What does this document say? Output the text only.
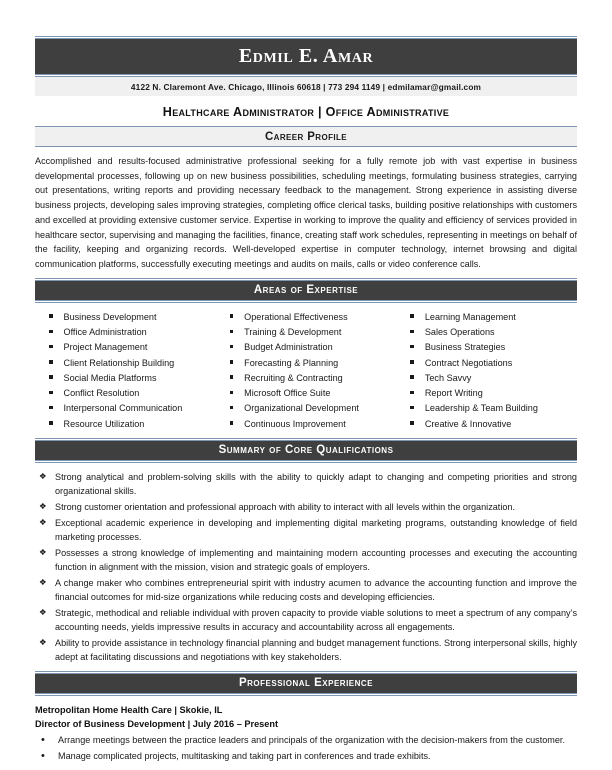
Edmil E. Amar
4122 N. Claremont Ave. Chicago, Illinois 60618 | 773 294 1149 | edmilamar@gmail.com
Healthcare Administrator | Office Administrative
Career Profile
Accomplished and results-focused administrative professional seeking for a fully remote job with vast expertise in business developmental processes, following up on new business possibilities, scheduling meetings, formulating business strategies, carrying out presentations, writing reports and providing necessary feedback to the management. Strong experience in assisting diverse business projects, developing sales improving strategies, completing office clerical tasks, building positive relationships with customers and excelled at providing extensive customer service. Expertise in working to improve the quality and efficiency of services provided in healthcare sector, supervising and managing the facilities, finance, creating staff work schedules, representing in meetings on behalf of the facility, keeping and organizing records. Well-developed expertise in computer technology, internet browsing and digital communication platforms, successfully executing meetings and audits on mails, calls or video conference calls.
Areas of Expertise
Business Development	Operational Effectiveness	Learning Management
Office Administration	Training & Development	Sales Operations
Project Management	Budget Administration	Business Strategies
Client Relationship Building	Forecasting & Planning	Contract Negotiations
Social Media Platforms	Recruiting & Contracting	Tech Savvy
Conflict Resolution	Microsoft Office Suite	Report Writing
Interpersonal Communication	Organizational Development	Leadership & Team Building
Resource Utilization	Continuous Improvement	Creative & Innovative
Summary of Core Qualifications
❖ Strong analytical and problem-solving skills with the ability to quickly adapt to changing and competing priorities and strong organizational skills.
❖ Strong customer orientation and professional approach with ability to interact with all levels within the organization.
❖ Exceptional academic experience in developing and implementing digital marketing programs, outstanding knowledge of field marketing processes.
❖ Possesses a strong knowledge of implementing and maintaining modern accounting processes and executing the accounting function in alignment with the mission, vision and strategic goals of employers.
❖ A change maker who combines entrepreneurial spirit with industry acumen to advance the accounting function and improve the financial outcomes for mid-size organizations while reducing costs and developing efficiencies.
❖ Strategic, methodical and reliable individual with proven capacity to provide viable solutions to meet a spectrum of any company’s accounting needs, yields impressive results in accuracy and accountability across all engagements.
❖ Ability to provide assistance in technology financial planning and budget management functions. Strong interpersonal skills, highly adept at facilitating discussions and negotiations with key stakeholders.
Professional Experience
Metropolitan Home Health Care | Skokie, IL
Director of Business Development | July 2016 – Present
•	Arrange meetings between the practice leaders and principals of the organization with the decision-makers from the customer.
•	Manage complicated projects, multitasking and taking part in conferences and trade exhibits.
